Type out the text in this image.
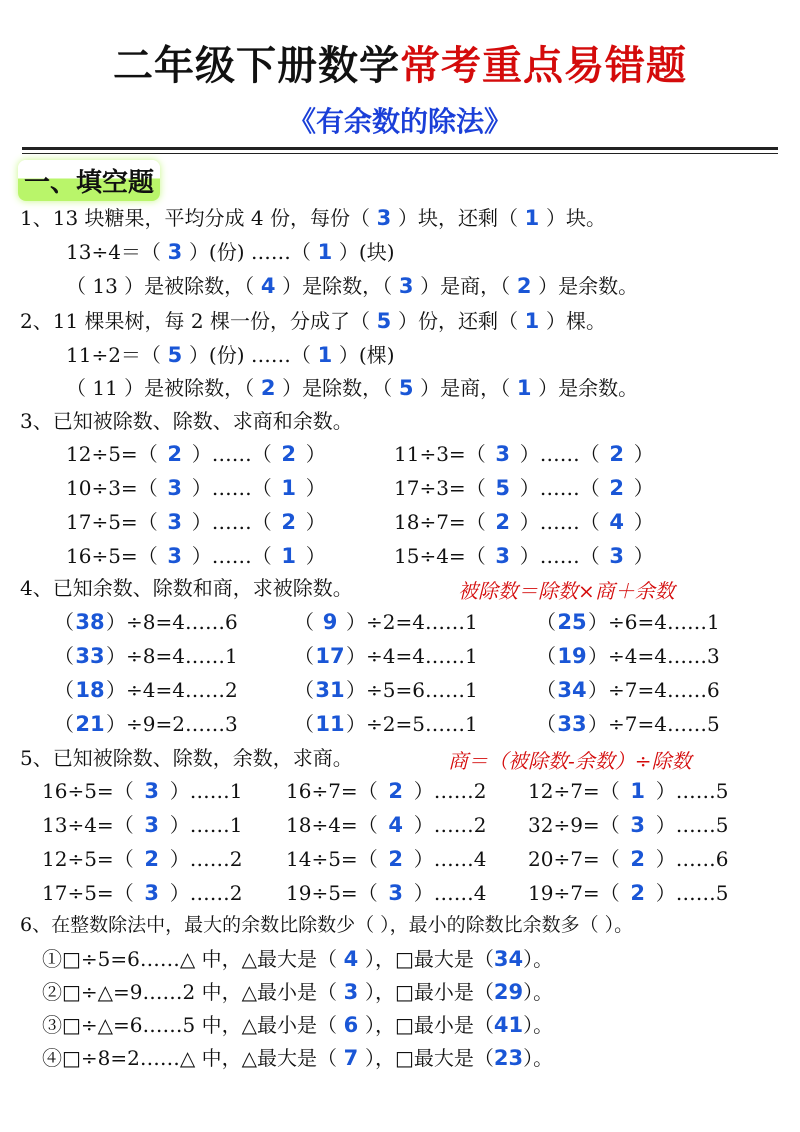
二年级下册数学常考重点易错题
《有余数的除法》
一、填空题
1、13 块糖果，平均分成 4 份，每份（ 3 ）块，还剩（ 1 ）块。
13÷4＝（ 3 ）(份) ……（ 1 ）(块)
（ 13 ）是被除数，（ 4 ）是除数，（ 3 ）是商，（ 2 ）是余数。
2、11 棵果树，每 2 棵一份，分成了（ 5 ）份，还剩（ 1 ）棵。
11÷2＝（ 5 ）(份) ……（ 1 ）(棵)
（ 11 ）是被除数，（ 2 ）是除数，（ 5 ）是商，（ 1 ）是余数。
3、已知被除数、除数、求商和余数。
12÷5=（ 2 ）……（ 2 ）	11÷3=（ 3 ）……（ 2 ）
10÷3=（ 3 ）……（ 1 ）	17÷3=（ 5 ）……（ 2 ）
17÷5=（ 3 ）……（ 2 ）	18÷7=（ 2 ）……（ 4 ）
16÷5=（ 3 ）……（ 1 ）	15÷4=（ 3 ）……（ 3 ）
4、已知余数、除数和商，求被除数。	被除数＝除数×商＋余数
（38）÷8=4……6	（ 9 ）÷2=4……1	（25）÷6=4……1
（33）÷8=4……1	（17）÷4=4……1	（19）÷4=4……3
（18）÷4=4……2	（31）÷5=6……1	（34）÷7=4……6
（21）÷9=2……3	（11）÷2=5……1	（33）÷7=4……5
5、已知被除数、除数，余数，求商。	商＝（被除数-余数）÷除数
16÷5=（ 3 ）……1 16÷7=（ 2 ）……2 12÷7=（ 1 ）……5
13÷4=（ 3 ）……1 18÷4=（ 4 ）……2 32÷9=（ 3 ）……5
12÷5=（ 2 ）……2 14÷5=（ 2 ）……4 20÷7=（ 2 ）……6
17÷5=（ 3 ）……2 19÷5=（ 3 ）……4 19÷7=（ 2 ）……5
6、在整数除法中，最大的余数比除数少（ ），最小的除数比余数多（ ）。
①□÷5=6……△ 中，△最大是（ 4 ），□最大是（34）。
②□÷△=9……2 中，△最小是（ 3 ），□最小是（29）。
③□÷△=6……5 中，△最小是（ 6 ），□最小是（41）。
④□÷8=2……△ 中，△最大是（ 7 ），□最大是（23）。
